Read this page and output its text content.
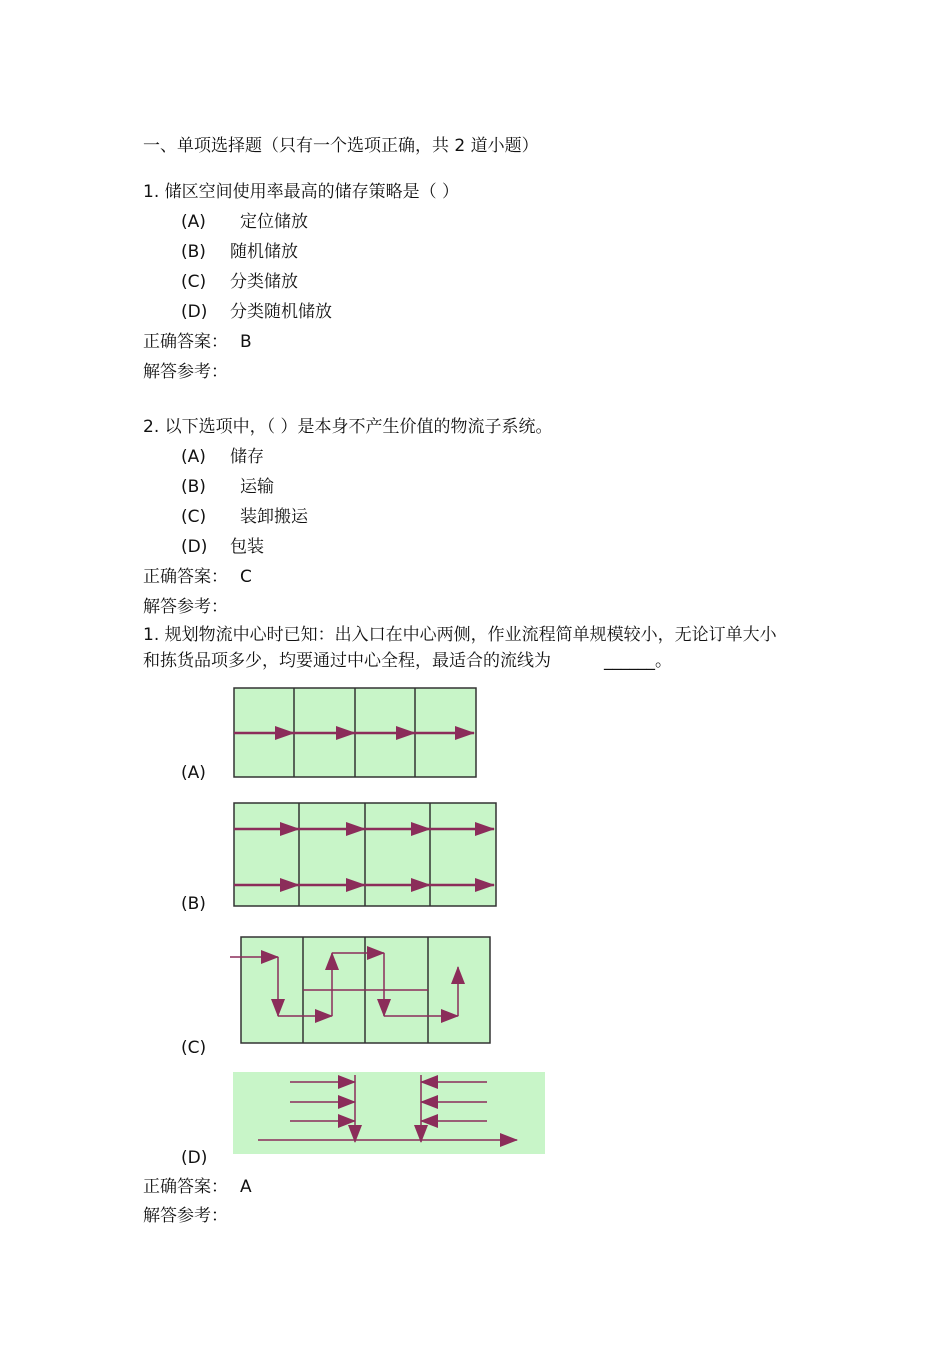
一、单项选择题（只有一个选项正确，共 2 道小题）
1. 储区空间使用率最高的储存策略是（ ）
(A) 定位储放
(B) 随机储放
(C) 分类储放
(D) 分类随机储放
正确答案： B
解答参考：
2. 以下选项中，（ ）是本身不产生价值的物流子系统。
(A) 储存
(B) 运输
(C) 装卸搬运
(D) 包装
正确答案： C
解答参考：
1. 规划物流中心时已知：出入口在中心两侧，作业流程简单规模较小，无论订单大小
和拣货品项多少，均要通过中心全程，最适合的流线为	______。
(A)
(B)
(C)
(D)
正确答案： A
解答参考：
